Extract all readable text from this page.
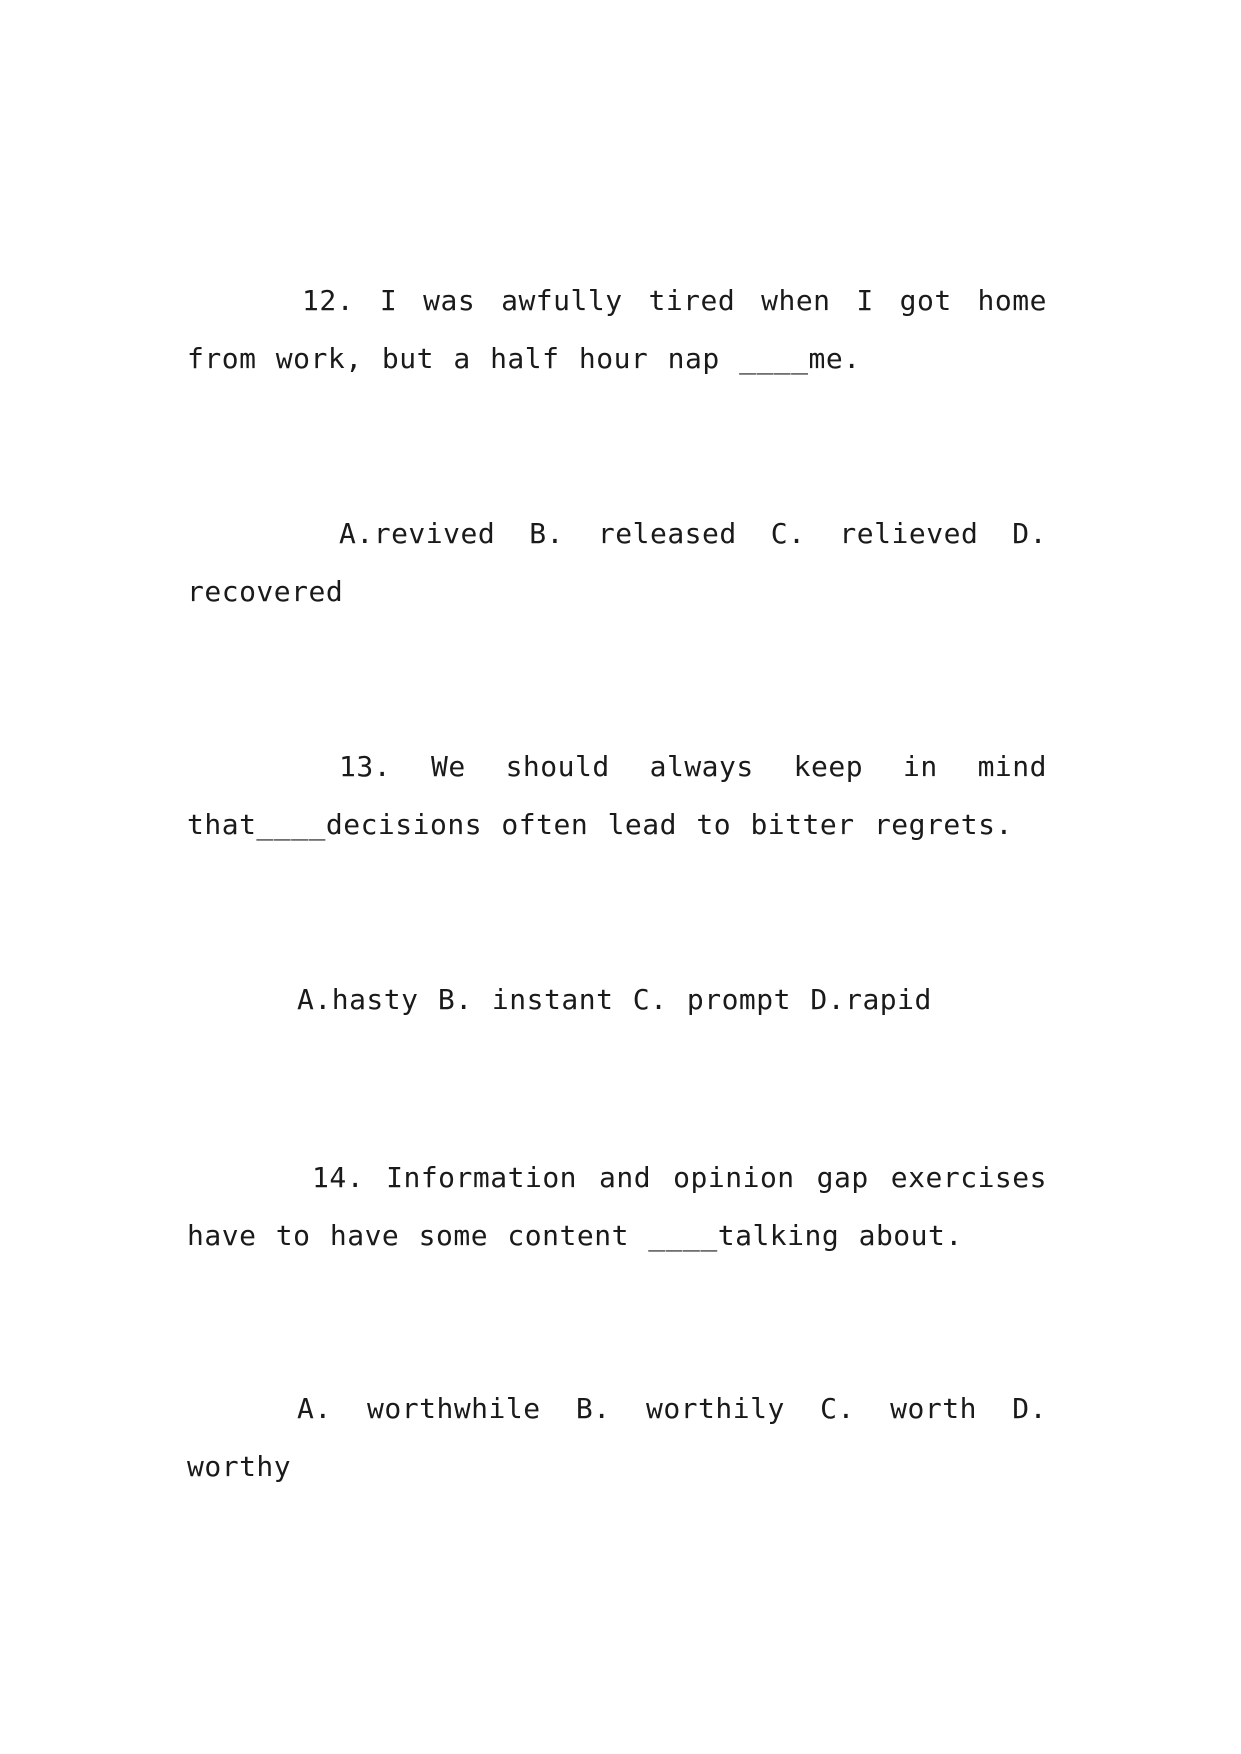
12. I was awfully tired when I got home from work, but a half hour nap ____me.

A.revived B. released C. relieved D. recovered

13. We should always keep in mind that____decisions often lead to bitter regrets.

A.hasty B. instant C. prompt D.rapid

14. Information and opinion gap exercises have to have some content ____talking about.

A. worthwhile B. worthily C. worth D. worthy
